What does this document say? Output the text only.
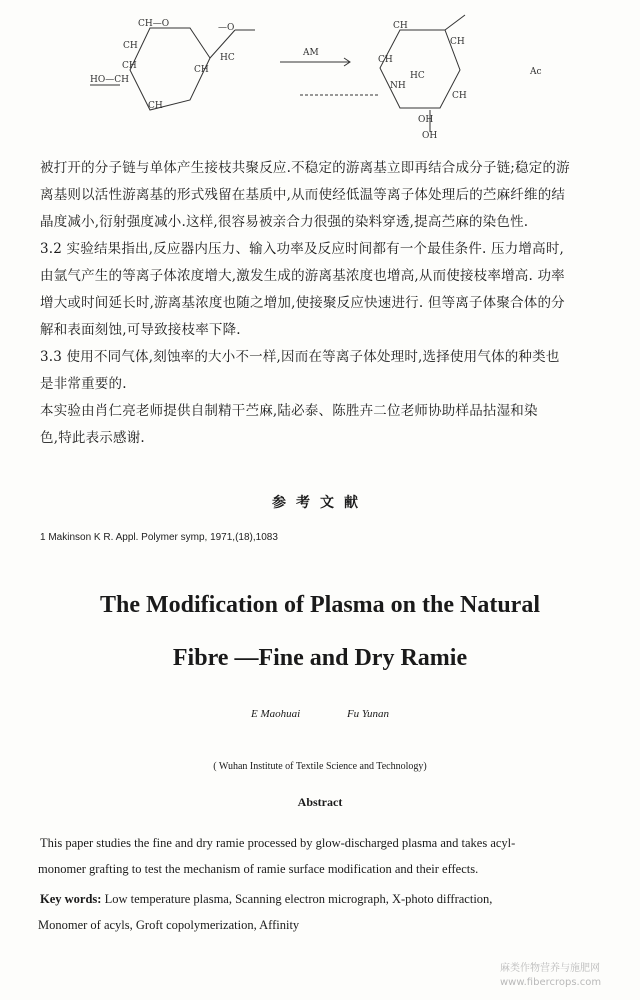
CH—O
CH
CH
—O
HC
HO—CH
CH
CH
AM
CH
CH
CH
NH
HC
CH
OH
OH
Ac
被打开的分子链与单体产生接枝共聚反应.不稳定的游离基立即再结合成分子链;稳定的游
离基则以活性游离基的形式残留在基质中,从而使经低温等离子体处理后的苎麻纤维的结
晶度减小,衍射强度减小.这样,很容易被亲合力很强的染料穿透,提高苎麻的染色性.
3.2 实验结果指出,反应器内压力、输入功率及反应时间都有一个最佳条件. 压力增高时,
由氩气产生的等离子体浓度增大,激发生成的游离基浓度也增高,从而使接枝率增高. 功率
增大或时间延长时,游离基浓度也随之增加,使接聚反应快速进行. 但等离子体聚合体的分
解和表面刻蚀,可导致接枝率下降.
3.3 使用不同气体,刻蚀率的大小不一样,因而在等离子体处理时,选择使用气体的种类也
是非常重要的.
本实验由肖仁亮老师提供自制精干苎麻,陆必泰、陈胜卉二位老师协助样品拈湿和染
色,特此表示感谢.
参考文献
1 Makinson K R. Appl. Polymer symp, 1971,(18),1083
The Modification of Plasma on the Natural
Fibre —Fine and Dry Ramie
E Maohuai	Fu Yunan
( Wuhan Institute of Textile Science and Technology)
Abstract
This paper studies the fine and dry ramie processed by glow-discharged plasma and takes acyl-
monomer grafting to test the mechanism of ramie surface modification and their effects.
Key words: Low temperature plasma, Scanning electron micrograph, X-photo diffraction,
Monomer of acyls, Groft copolymerization, Affinity
麻类作物营养与施肥网
www.fibercrops.com
